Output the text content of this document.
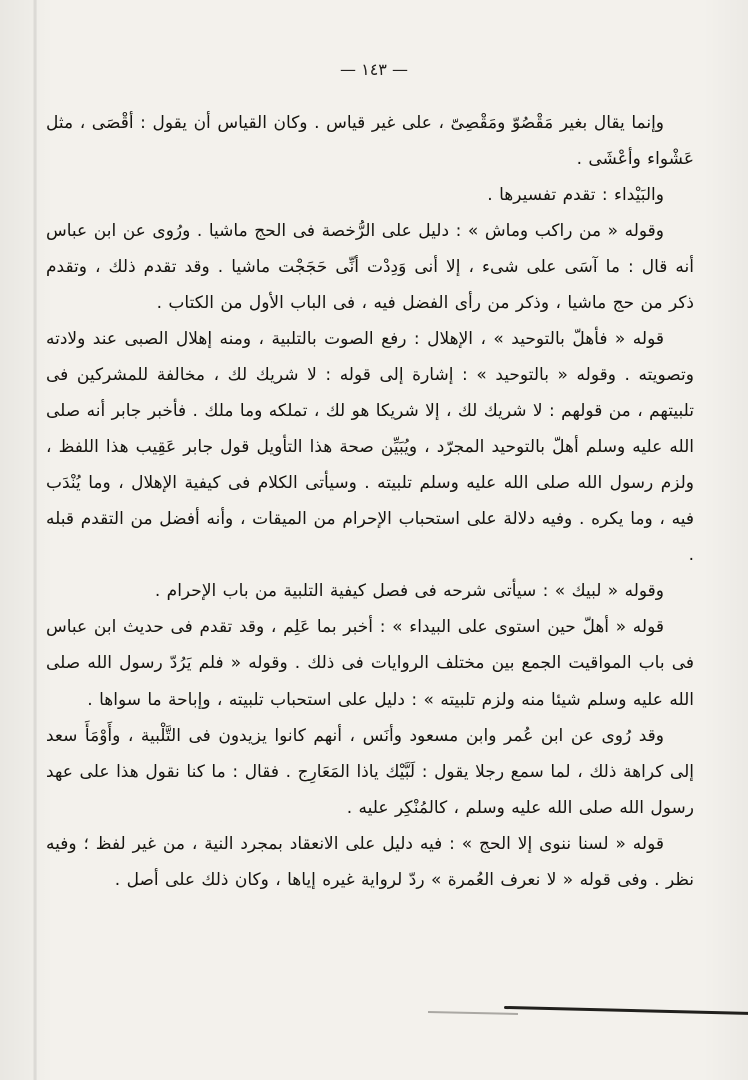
— ١٤٣ —

وإنما يقال بغير مَقْصُوّ ومَقْصِىّ ، على غير قياس . وكان القياس أن يقول : أقْصَى ، مثل عَشْواء وأعْشَى .

والبَيْداء : تقدم تفسيرها .

وقوله « من راكب وماش » : دليل على الرُّخصة فى الحج ماشيا . ورُوى عن ابن عباس أنه قال : ما آسَى على شىء ، إلا أنى وَدِدْت أنِّى حَجَجْت ماشيا . وقد تقدم ذلك ، وتقدم ذكر من حج ماشيا ، وذكر من رأى الفضل فيه ، فى الباب الأول من الكتاب .

قوله « فأهلّ بالتوحيد » ، الإهلال : رفع الصوت بالتلبية ، ومنه إهلال الصبى عند ولادته وتصويته . وقوله « بالتوحيد » : إشارة إلى قوله : لا شريك لك ، مخالفة للمشركين فى تلبيتهم ، من قولهم : لا شريك لك ، إلا شريكا هو لك ، تملكه وما ملك . فأخبر جابر أنه صلى الله عليه وسلم أهلّ بالتوحيد المجرّد ، ويُبَيِّن صحة هذا التأويل قول جابر عَقِيب هذا اللفظ ، ولزم رسول الله صلى الله عليه وسلم تلبيته . وسيأتى الكلام فى كيفية الإهلال ، وما يُنْدَب فيه ، وما يكره . وفيه دلالة على استحباب الإحرام من الميقات ، وأنه أفضل من التقدم قبله .

وقوله « لبيك » : سيأتى شرحه فى فصل كيفية التلبية من باب الإحرام .

قوله « أهلّ حين استوى على البيداء » : أخبر بما عَلِم ، وقد تقدم فى حديث ابن عباس فى باب المواقيت الجمع بين مختلف الروايات فى ذلك . وقوله « فلم يَرُدّ رسول الله صلى الله عليه وسلم شيئا منه ولزم تلبيته » : دليل على استحباب تلبيته ، وإباحة ما سواها .

وقد رُوى عن ابن عُمر وابن مسعود وأنَس ، أنهم كانوا يزيدون فى التَّلْبية ، وأَوْمَأَ سعد إلى كراهة ذلك ، لما سمع رجلا يقول : لَبَّيْك ياذا المَعَارِج . فقال : ما كنا نقول هذا على عهد رسول الله صلى الله عليه وسلم ، كالمُنْكِر عليه .

قوله « لسنا ننوى إلا الحج » : فيه دليل على الانعقاد بمجرد النية ، من غير لفظ ؛ وفيه نظر . وفى قوله « لا نعرف العُمرة » ردّ لرواية غيره إياها ، وكان ذلك على أصل .
